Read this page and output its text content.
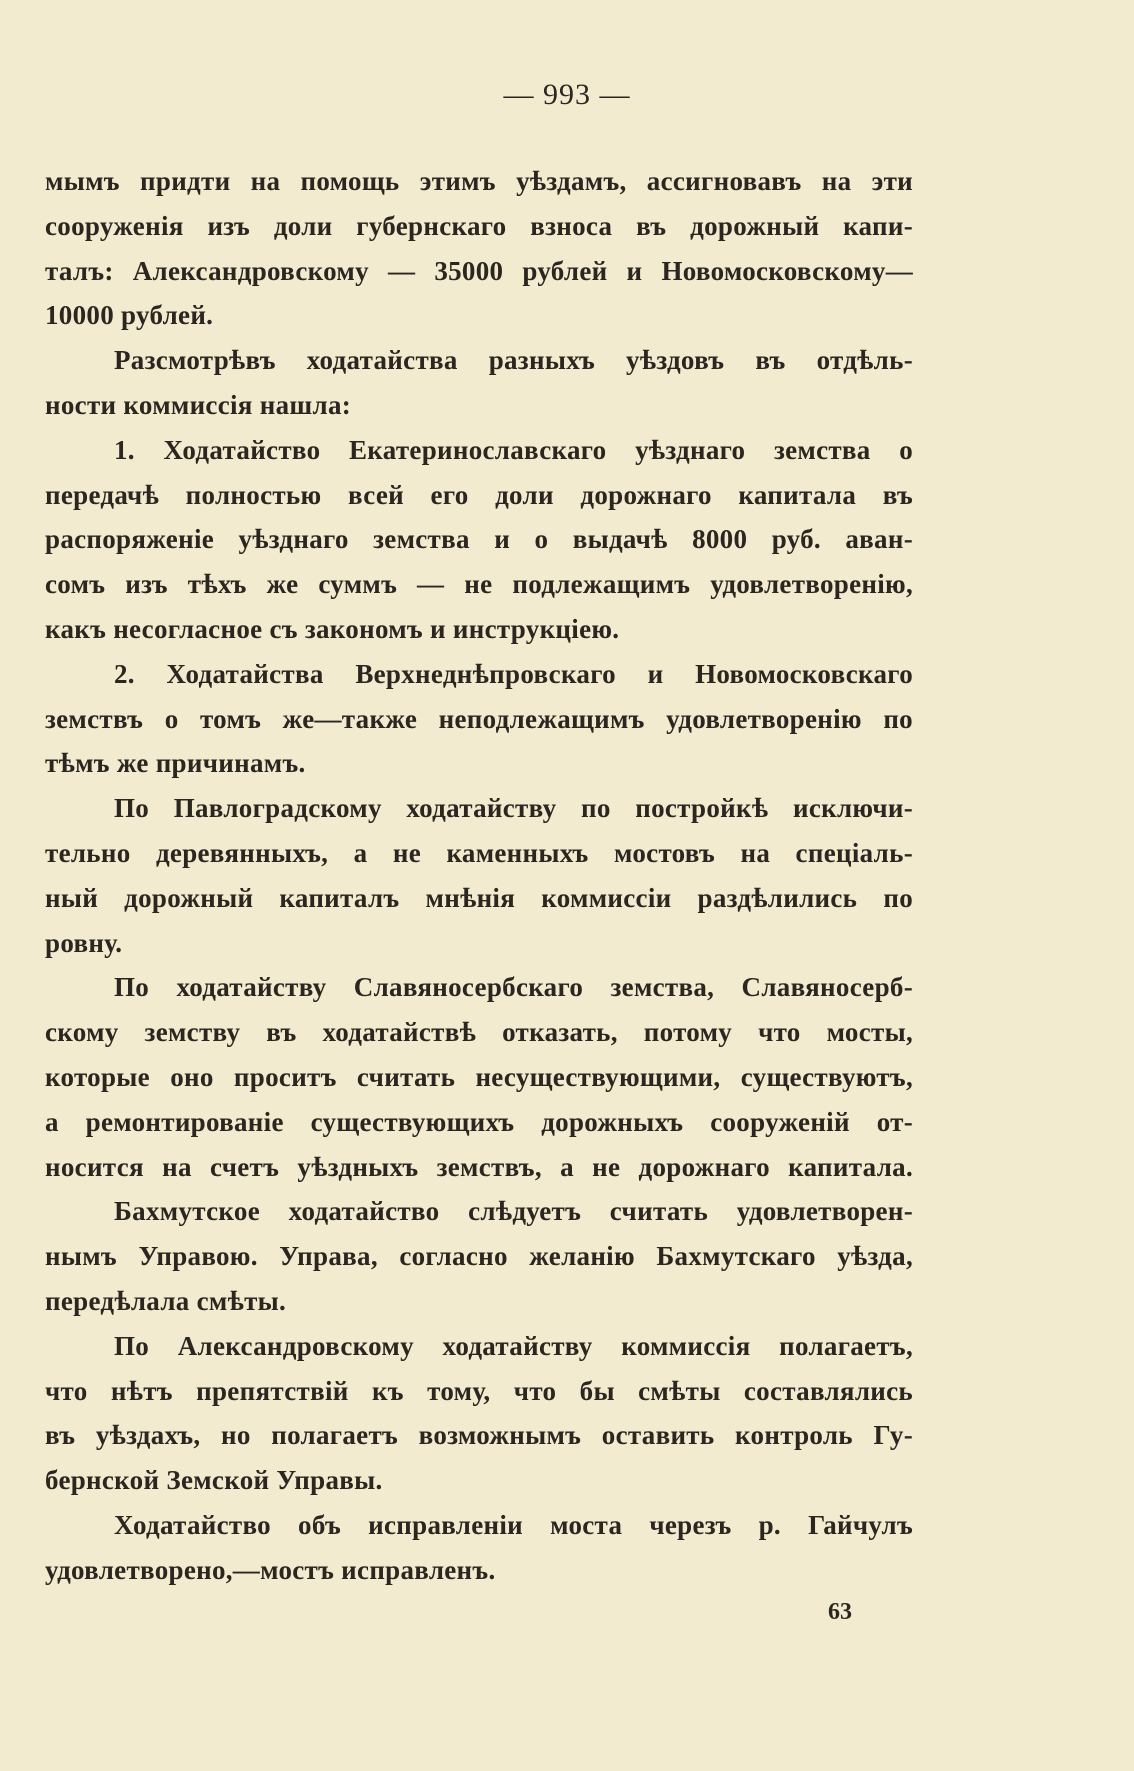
— 993 —
мымъ придти на помощь этимъ уѣздамъ, ассигновавъ на эти
сооруженія изъ доли губернскаго взноса въ дорожный капи-
талъ: Александровскому — 35000 рублей и Новомосковскому—
10000 рублей.
Разсмотрѣвъ ходатайства разныхъ уѣздовъ въ отдѣль-
ности коммиссія нашла:
1. Ходатайство Екатеринославскаго уѣзднаго земства о
передачѣ полностью всей его доли дорожнаго капитала въ
распоряженіе уѣзднаго земства и о выдачѣ 8000 руб. аван-
сомъ изъ тѣхъ же суммъ — не подлежащимъ удовлетворенію,
какъ несогласное съ закономъ и инструкціею.
2. Ходатайства Верхнеднѣпровскаго и Новомосковскаго
земствъ о томъ же—также неподлежащимъ удовлетворенію по
тѣмъ же причинамъ.
По Павлоградскому ходатайству по постройкѣ исключи-
тельно деревянныхъ, а не каменныхъ мостовъ на спеціаль-
ный дорожный капиталъ мнѣнія коммиссіи раздѣлились по
ровну.
По ходатайству Славяносербскаго земства, Славяносерб-
скому земству въ ходатайствѣ отказать, потому что мосты,
которые оно проситъ считать несуществующими, существуютъ,
а ремонтированіе существующихъ дорожныхъ сооруженій от-
носится на счетъ уѣздныхъ земствъ, а не дорожнаго капитала.
Бахмутское ходатайство слѣдуетъ считать удовлетворен-
нымъ Управою. Управа, согласно желанію Бахмутскаго уѣзда,
передѣлала смѣты.
По Александровскому ходатайству коммиссія полагаетъ,
что нѣтъ препятствій къ тому, что бы смѣты составлялись
въ уѣздахъ, но полагаетъ возможнымъ оставить контроль Гу-
бернской Земской Управы.
Ходатайство объ исправленіи моста черезъ р. Гайчулъ
удовлетворено,—мостъ исправленъ.
63
